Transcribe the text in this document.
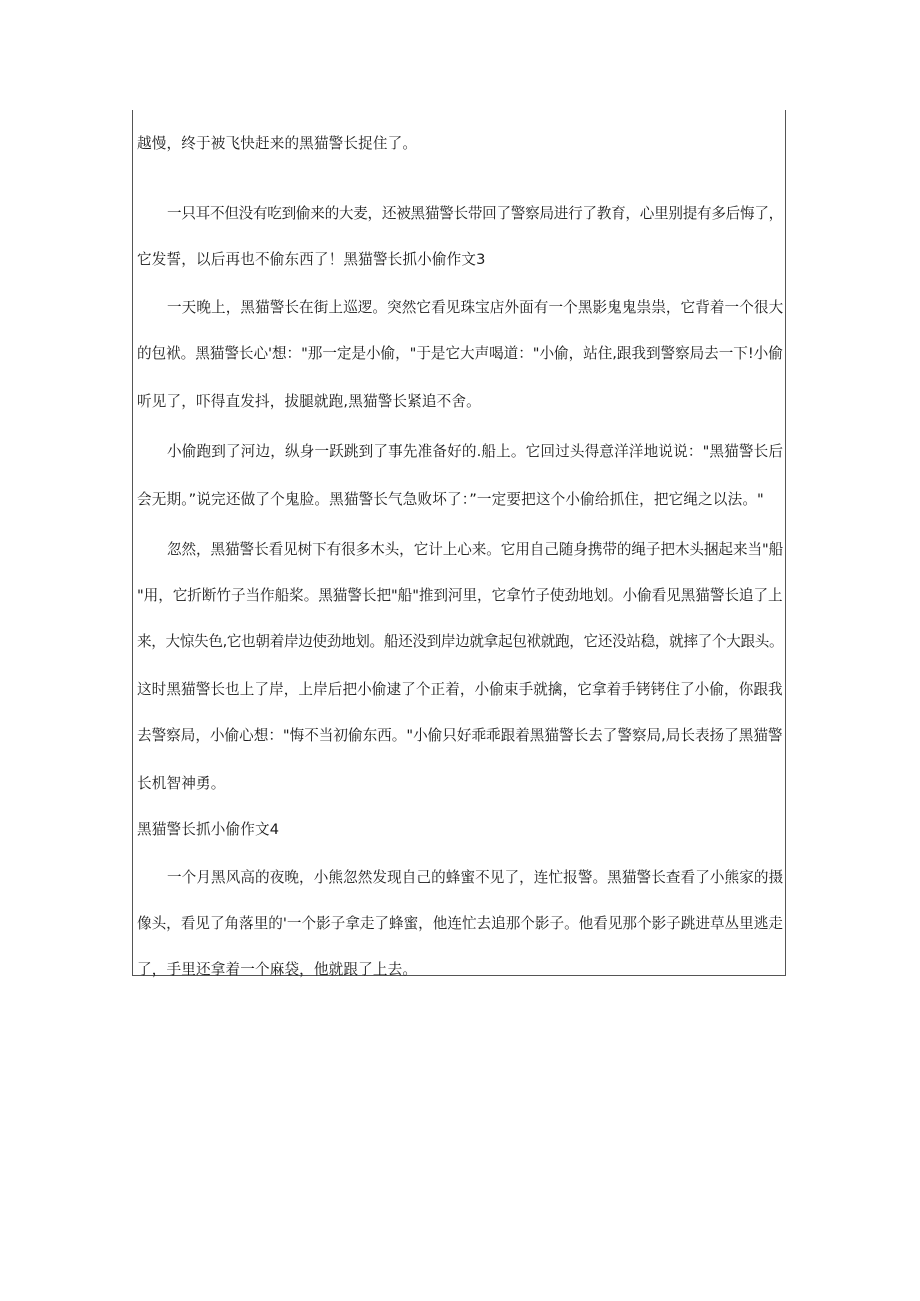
越慢，终于被飞快赶来的黑猫警长捉住了。
一只耳不但没有吃到偷来的大麦，还被黑猫警长带回了警察局进行了教育，心里别提有多后悔了，
它发誓，以后再也不偷东西了！黑猫警长抓小偷作文3
一天晚上，黑猫警长在街上巡逻。突然它看见珠宝店外面有一个黑影鬼鬼祟祟，它背着一个很大
的包袱。黑猫警长心'想："那一定是小偷，"于是它大声喝道："小偷，站住,跟我到警察局去一下!小偷
听见了，吓得直发抖，拔腿就跑,黑猫警长紧追不舍。
小偷跑到了河边，纵身一跃跳到了事先准备好的.船上。它回过头得意洋洋地说说："黑猫警长后
会无期。”说完还做了个鬼脸。黑猫警长气急败坏了：”一定要把这个小偷给抓住，把它绳之以法。"
忽然，黑猫警长看见树下有很多木头，它计上心来。它用自己随身携带的绳子把木头捆起来当"船
"用，它折断竹子当作船桨。黑猫警长把"船"推到河里，它拿竹子使劲地划。小偷看见黑猫警长追了上
来，大惊失色,它也朝着岸边使劲地划。船还没到岸边就拿起包袱就跑，它还没站稳，就摔了个大跟头。
这时黑猫警长也上了岸，上岸后把小偷逮了个正着，小偷束手就擒，它拿着手铐铐住了小偷，你跟我
去警察局，小偷心想："悔不当初偷东西。"小偷只好乖乖跟着黑猫警长去了警察局,局长表扬了黑猫警
长机智神勇。
黑猫警长抓小偷作文4
一个月黑风高的夜晚，小熊忽然发现自己的蜂蜜不见了，连忙报警。黑猫警长查看了小熊家的摄
像头，看见了角落里的'一个影子拿走了蜂蜜，他连忙去追那个影子。他看见那个影子跳进草丛里逃走
了，手里还拿着一个麻袋，他就跟了上去。
